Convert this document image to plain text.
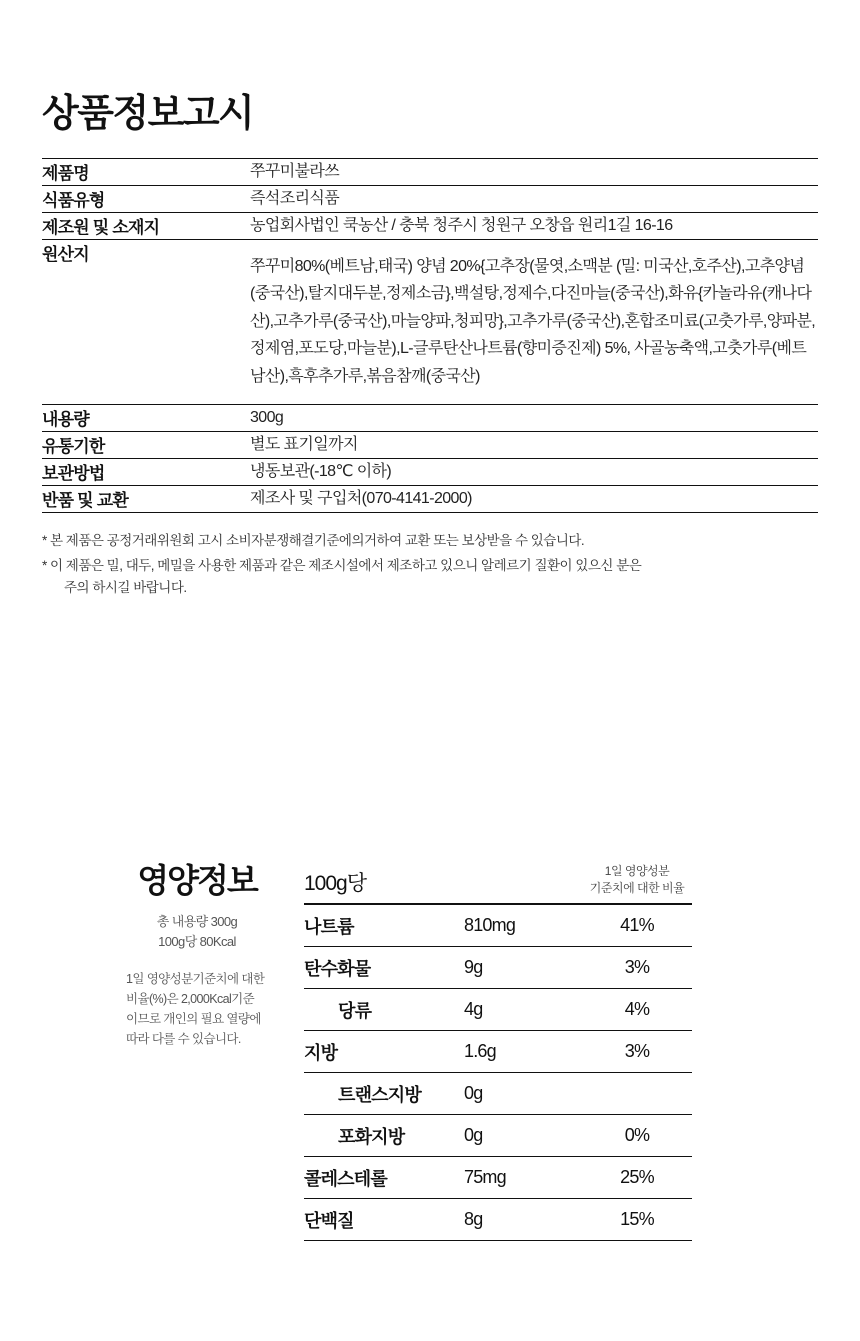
상품정보고시
제품명	쭈꾸미불라쓰
식품유형	즉석조리식품
제조원 및 소재지	농업회사법인 쿡농산 / 충북 청주시 청원구 오창읍 원리1길 16-16
원산지	쭈꾸미80%(베트남,태국) 양념 20%{고추장(물엿,소맥분 (밀: 미국산,호주산),고추양념(중국산),탈지대두분,정제소금},백설탕,정제수,다진마늘(중국산),화유{카놀라유(캐나다산),고추가루(중국산),마늘양파,청피망},고추가루(중국산),혼합조미료(고춧가루,양파분,정제염,포도당,마늘분),L-글루탄산나트륨(향미증진제) 5%, 사골농축액,고춧가루(베트남산),흑후추가루,볶음참깨(중국산)
내용량	300g
유통기한	별도 표기일까지
보관방법	냉동보관(-18℃ 이하)
반품 및 교환	제조사 및 구입처(070-4141-2000)
* 본 제품은 공정거래위원회 고시 소비자분쟁해결기준에의거하여 교환 또는 보상받을 수 있습니다.
* 이 제품은 밀, 대두, 메밀을 사용한 제품과 같은 제조시설에서 제조하고 있으니 알레르기 질환이 있으신 분은
주의 하시길 바랍니다.
영양정보
총 내용량 300g
100g당 80Kcal
1일 영양성분기준치에 대한
비율(%)은 2,000Kcal기준
이므로 개인의 필요 열량에
따라 다를 수 있습니다.
100g당		1일 영양성분
기준치에 대한 비율
나트륨	810mg	41%
탄수화물	9g	3%
당류	4g	4%
지방	1.6g	3%
트랜스지방	0g	
포화지방	0g	0%
콜레스테롤	75mg	25%
단백질	8g	15%
